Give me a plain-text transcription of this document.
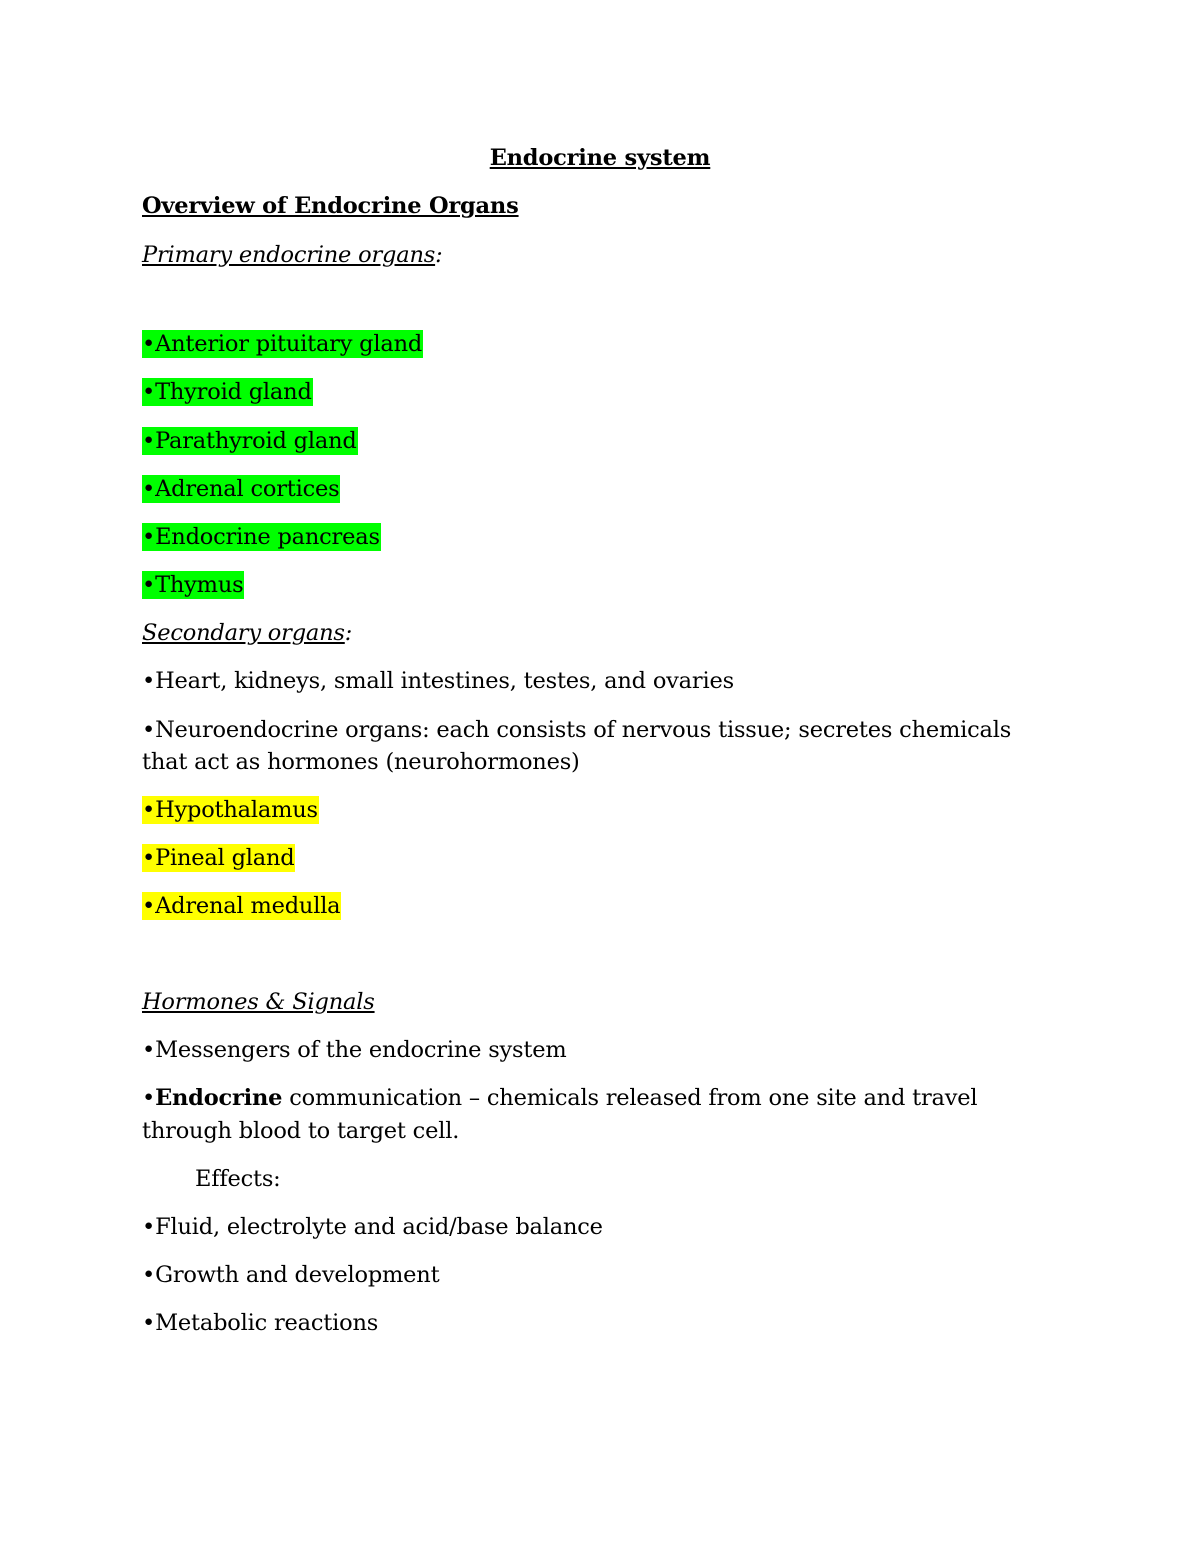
Endocrine system
Overview of Endocrine Organs
Primary endocrine organs:
•Anterior pituitary gland
•Thyroid gland
•Parathyroid gland
•Adrenal cortices
•Endocrine pancreas
•Thymus
Secondary organs:
•Heart, kidneys, small intestines, testes, and ovaries
•Neuroendocrine organs: each consists of nervous tissue; secretes chemicals
that act as hormones (neurohormones)
•Hypothalamus
•Pineal gland
•Adrenal medulla
Hormones & Signals
•Messengers of the endocrine system
•Endocrine communication – chemicals released from one site and travel
through blood to target cell.
Effects:
•Fluid, electrolyte and acid/base balance
•Growth and development
•Metabolic reactions
